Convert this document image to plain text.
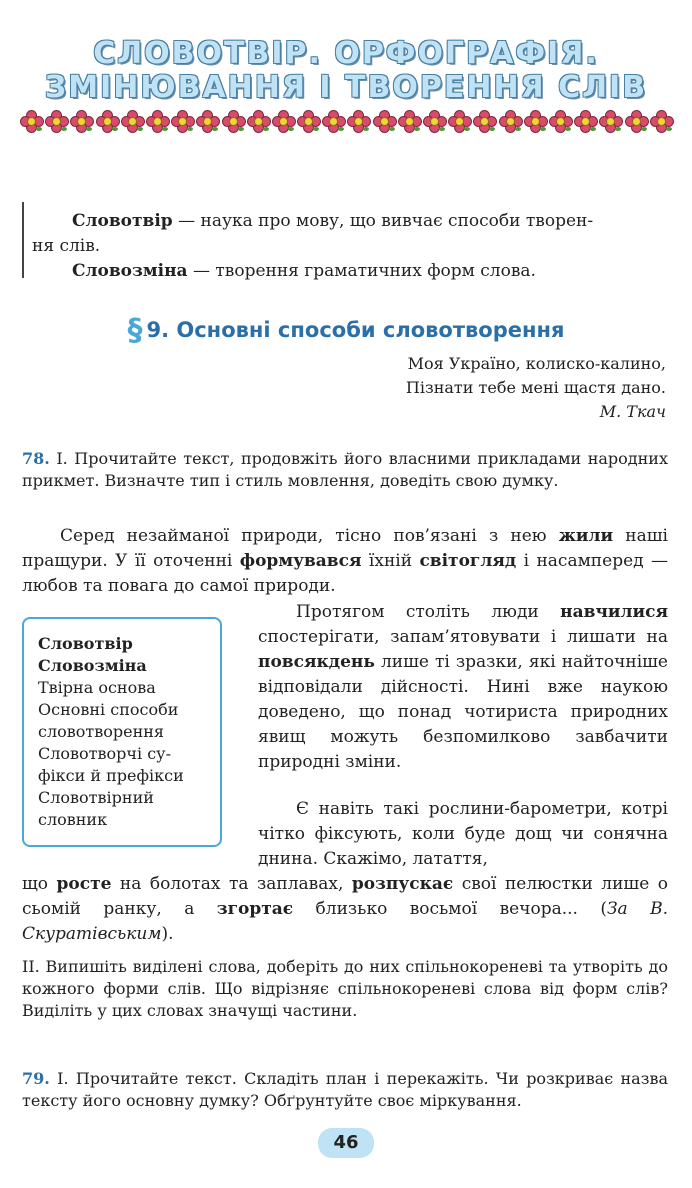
СЛОВОТВІР. ОРФОГРАФІЯ.
ЗМІНЮВАННЯ І ТВОРЕННЯ СЛІВ
Словотвір — наука про мову, що вивчає способи творен-
ня слів.
Словозміна — творення граматичних форм слова.
§ 9. Основні способи словотворення
Моя Україно, колиско-калино,
Пізнати тебе мені щастя дано.
М. Ткач
78. І. Прочитайте текст, продовжіть його власними прикладами народних прикмет. Визначте тип і стиль мовлення, доведіть свою думку.
Серед незайманої природи, тісно пов’язані з нею жили наші пращури. У її оточенні формувався їхній світогляд і насамперед — любов та повага до самої природи.
Словотвір
Словозміна
Твірна основа
Основні способи
словотворення
Словотворчі су-
фікси й префікси
Словотвірний
словник
Протягом століть люди навчилися спостерігати, запам’ятовувати і лишати на повсякдень лише ті зразки, які найточніше відповідали дійсності. Нині вже наукою доведено, що понад чотириста природних явищ можуть безпомилково завбачити природні зміни.
Є навіть такі рослини-барометри, котрі чітко фіксують, коли буде дощ чи сонячна днина. Скажімо, латаття,
що росте на болотах та заплавах, розпускає свої пелюстки лише о сьомій ранку, а згортає близько восьмої вечора... (За В. Скуратівським).
ІІ. Випишіть виділені слова, доберіть до них спільнокореневі та утворіть до кожного форми слів. Що відрізняє спільнокореневі слова від форм слів? Виділіть у цих словах значущі частини.
79. І. Прочитайте текст. Складіть план і перекажіть. Чи розкриває назва тексту його основну думку? Обґрунтуйте своє міркування.
46
